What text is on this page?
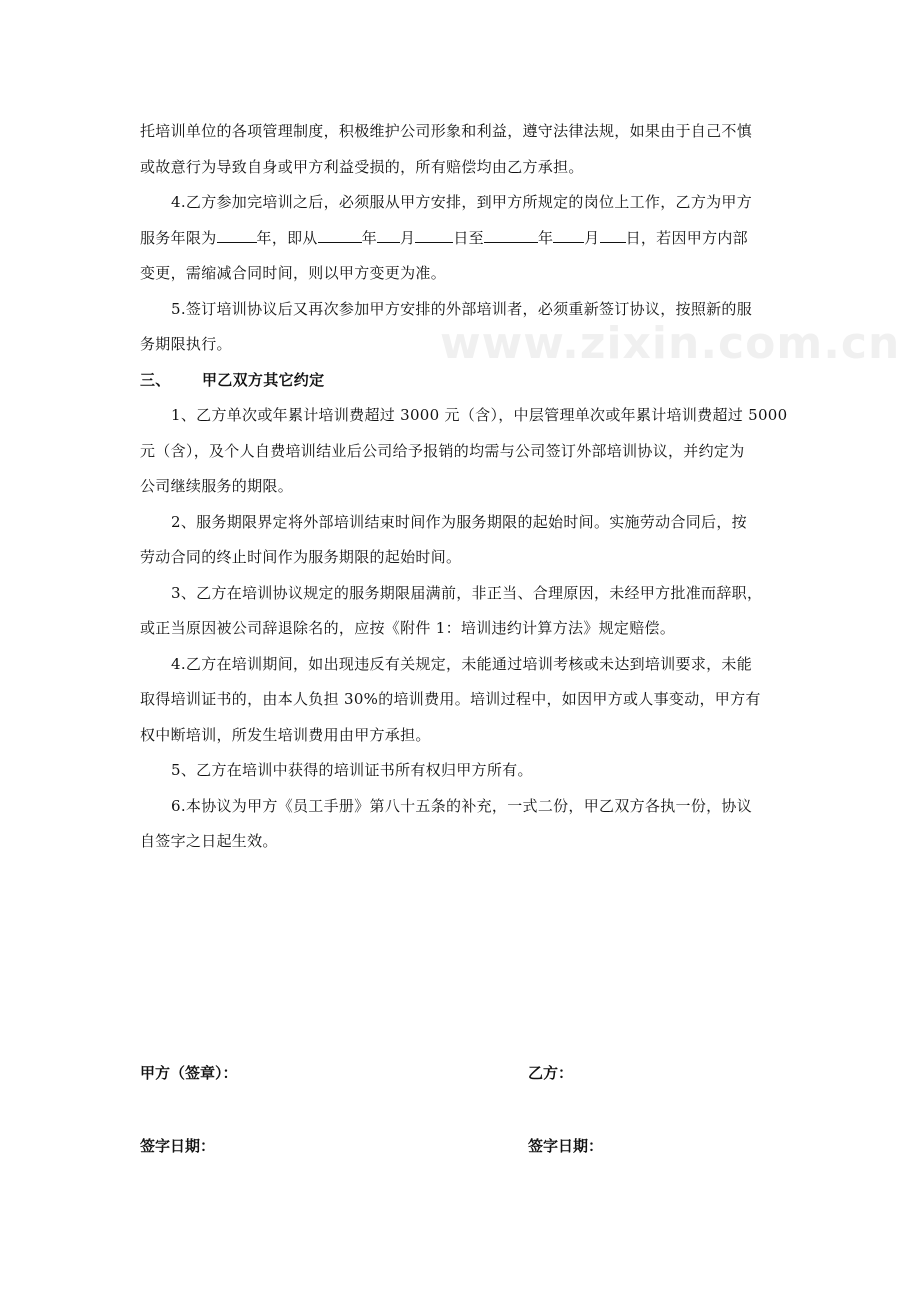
www.zixin.com.cn
托培训单位的各项管理制度，积极维护公司形象和利益，遵守法律法规，如果由于自己不慎
或故意行为导致自身或甲方利益受损的，所有赔偿均由乙方承担。
4.乙方参加完培训之后，必须服从甲方安排，到甲方所规定的岗位上工作，乙方为甲方
服务年限为	年，即从	年 月	日至	年 月 日，若因甲方内部
变更，需缩减合同时间，则以甲方变更为准。
5.签订培训协议后又再次参加甲方安排的外部培训者，必须重新签订协议，按照新的服
务期限执行。
三、 甲乙双方其它约定
1、乙方单次或年累计培训费超过 3000 元（含），中层管理单次或年累计培训费超过 5000
元（含），及个人自费培训结业后公司给予报销的均需与公司签订外部培训协议，并约定为
公司继续服务的期限。
2、服务期限界定将外部培训结束时间作为服务期限的起始时间。实施劳动合同后，按
劳动合同的终止时间作为服务期限的起始时间。
3、乙方在培训协议规定的服务期限届满前，非正当、合理原因，未经甲方批准而辞职，
或正当原因被公司辞退除名的，应按《附件 1：培训违约计算方法》规定赔偿。
4.乙方在培训期间，如出现违反有关规定，未能通过培训考核或未达到培训要求，未能
取得培训证书的，由本人负担 30%的培训费用。培训过程中，如因甲方或人事变动，甲方有
权中断培训，所发生培训费用由甲方承担。
5、乙方在培训中获得的培训证书所有权归甲方所有。
6.本协议为甲方《员工手册》第八十五条的补充，一式二份，甲乙双方各执一份，协议
自签字之日起生效。
甲方（签章）：	乙方：
签字日期：	签字日期：
